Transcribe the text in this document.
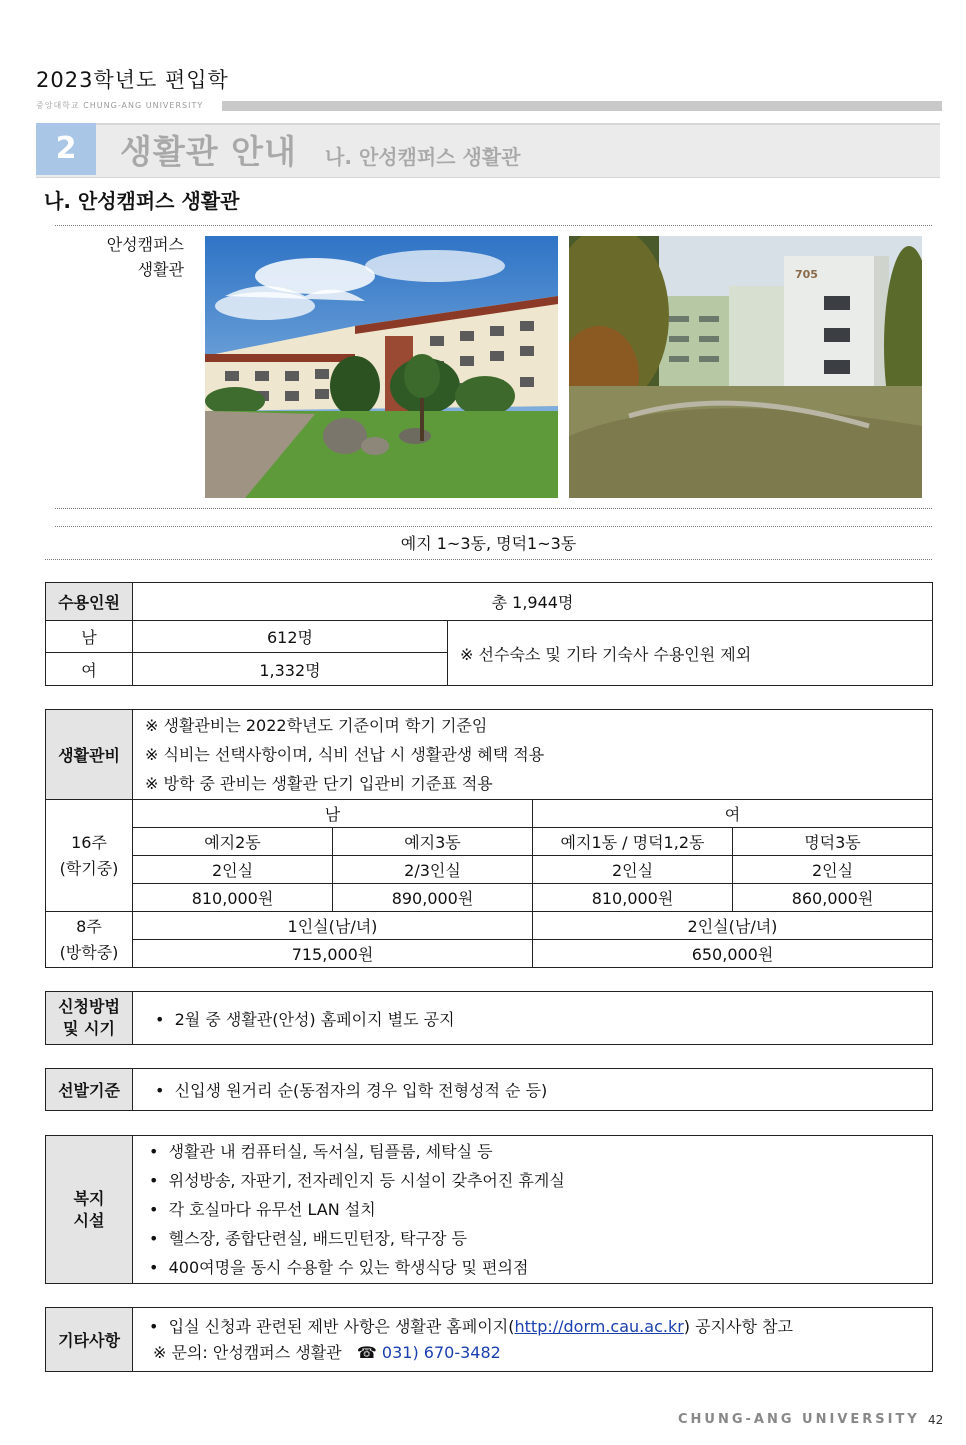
2023학년도 편입학
중앙대학교 CHUNG-ANG UNIVERSITY
2	생활관 안내 나. 안성캠퍼스 생활관
나. 안성캠퍼스 생활관
안성캠퍼스
생활관	705
예지 1~3동, 명덕1~3동
수용인원	총 1,944명	
남	612명	※ 선수숙소 및 기타 기숙사 수용인원 제외
여	1,332명	
생활관비	※ 생활관비는 2022학년도 기준이며 학기 기준임
※ 식비는 선택사항이며, 식비 선납 시 생활관생 혜택 적용
※ 방학 중 관비는 생활관 단기 입관비 기준표 적용			

16주
(학기중)	남		여	
	예지2동	예지3동	예지1동 / 명덕1,2동	명덕3동
	2인실	2/3인실	2인실	2인실
	810,000원	890,000원	810,000원	860,000원

8주
(방학중)	1인실(남/녀)		2인실(남/녀)	
	715,000원		650,000원	
신청방법
및 시기	•  2월 중 생활관(안성) 홈페이지 별도 공지
선발기준	•  신입생 원거리 순(동점자의 경우 입학 전형성적 순 등)
복지
시설

•  생활관 내 컴퓨터실, 독서실, 팀플룸, 세탁실 등
•  위성방송, 자판기, 전자레인지 등 시설이 갖추어진 휴게실
•  각 호실마다 유무선 LAN 설치
•  헬스장, 종합단련실, 배드민턴장, 탁구장 등
•  400여명을 동시 수용할 수 있는 학생식당 및 편의점
기타사항	
•  입실 신청과 관련된 제반 사항은 생활관 홈페이지(http://dorm.cau.ac.kr) 공지사항 참고
※ 문의: 안성캠퍼스 생활관 ☎ 031) 670-3482
CHUNG-ANG UNIVERSITY 42
